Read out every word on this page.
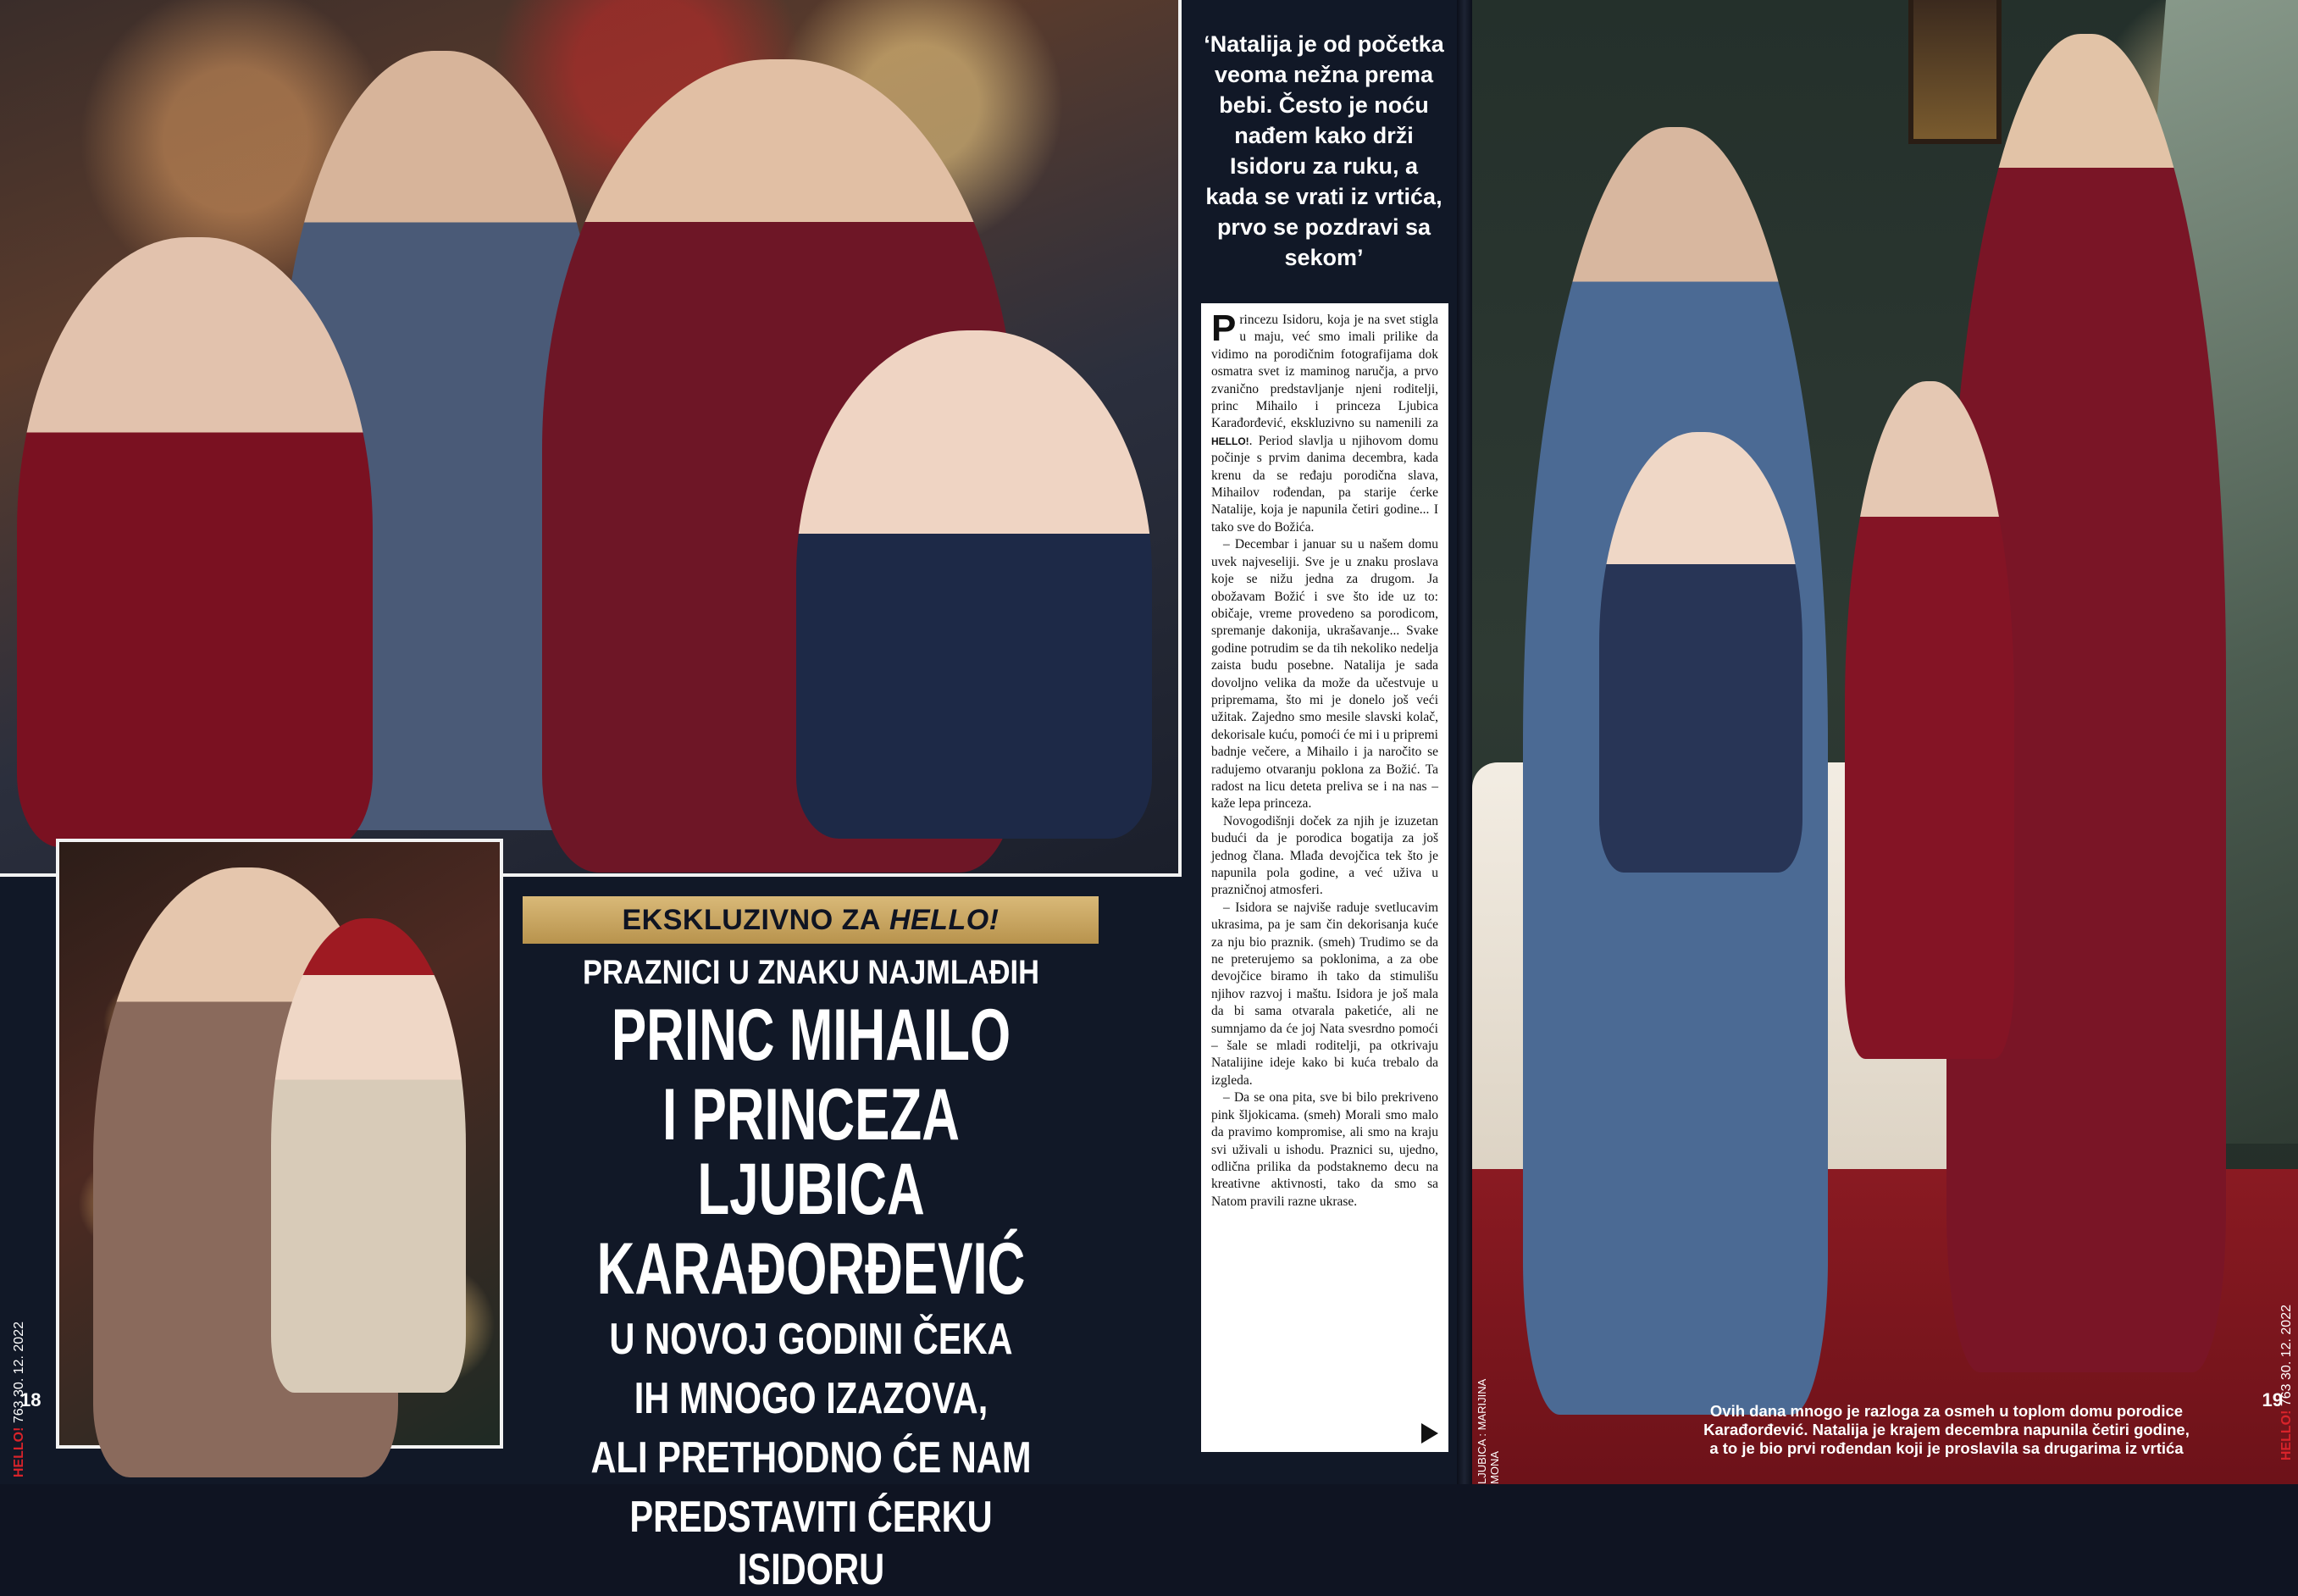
EKSKLUZIVNO ZA HELLO!
PRAZNICI U ZNAKU NAJMLAĐIH
PRINC MIHAILO
I PRINCEZA LJUBICA
KARAĐORĐEVIĆ
U NOVOJ GODINI ČEKA
IH MNOGO IZAZOVA,
ALI PRETHODNO ĆE NAM
PREDSTAVITI ĆERKU ISIDORU
HELLO! 763 30. 12. 2022
18
‘Natalija je od početka veoma nežna prema bebi. Često je noću nađem kako drži Isidoru za ruku, a kada se vrati iz vrtića, prvo se pozdravi sa sekom’

Princezu Isidoru, koja je na svet stigla u maju, već smo imali prilike da vidimo na porodičnim fotografijama dok osmatra svet iz maminog naručja, a prvo zvanično predstavljanje njeni roditelji, princ Mihailo i princeza Ljubica Karađorđević, ekskluzivno su namenili za HELLO!. Period slavlja u njihovom domu počinje s prvim danima decembra, kada krenu da se ređaju porodična slava, Mihailov rođendan, pa starije ćerke Natalije, koja je napunila četiri godine... I tako sve do Božića.

– Decembar i januar su u našem domu uvek najveseliji. Sve je u znaku proslava koje se nižu jedna za drugom. Ja obožavam Božić i sve što ide uz to: običaje, vreme provedeno sa porodicom, spremanje dakonija, ukrašavanje... Svake godine potrudim se da tih nekoliko nedelja zaista budu posebne. Natalija je sada dovoljno velika da može da učestvuje u pripremama, što mi je donelo još veći užitak. Zajedno smo mesile slavski kolač, dekorisale kuću, pomoći će mi i u pripremi badnje večere, a Mihailo i ja naročito se radujemo otvaranju poklona za Božić. Ta radost na licu deteta preliva se i na nas – kaže lepa princeza.

Novogodišnji doček za njih je izuzetan budući da je porodica bogatija za još jednog člana. Mlađa devojčica tek što je napunila pola godine, a već uživa u prazničnoj atmosferi.

– Isidora se najviše raduje svetlucavim ukrasima, pa je sam čin dekorisanja kuće za nju bio praznik. (smeh) Trudimo se da ne preterujemo sa poklonima, a za obe devojčice biramo ih tako da stimulišu njihov razvoj i maštu. Isidora je još mala da bi sama otvarala paketiće, ali ne sumnjamo da će joj Nata svesrdno pomoći – šale se mladi roditelji, pa otkrivaju Natalijine ideje kako bi kuća trebalo da izgleda.

– Da se ona pita, sve bi bilo prekriveno pink šljokicama. (smeh) Morali smo malo da pravimo kompromise, ali smo na kraju svi uživali u ishodu. Praznici su, ujedno, odlična prilika da podstaknemo decu na kreativne aktivnosti, tako da smo sa Natom pravili razne ukrase.

Ovih dana mnogo je razloga za osmeh u toplom domu porodice
Karađorđević. Natalija je krajem decembra napunila četiri godine,
a to je bio prvi rođendan koji je proslavila sa drugarima iz vrtića
LJUBICA : MARIJINA MONA
HELLO! 763 30. 12. 2022
19
